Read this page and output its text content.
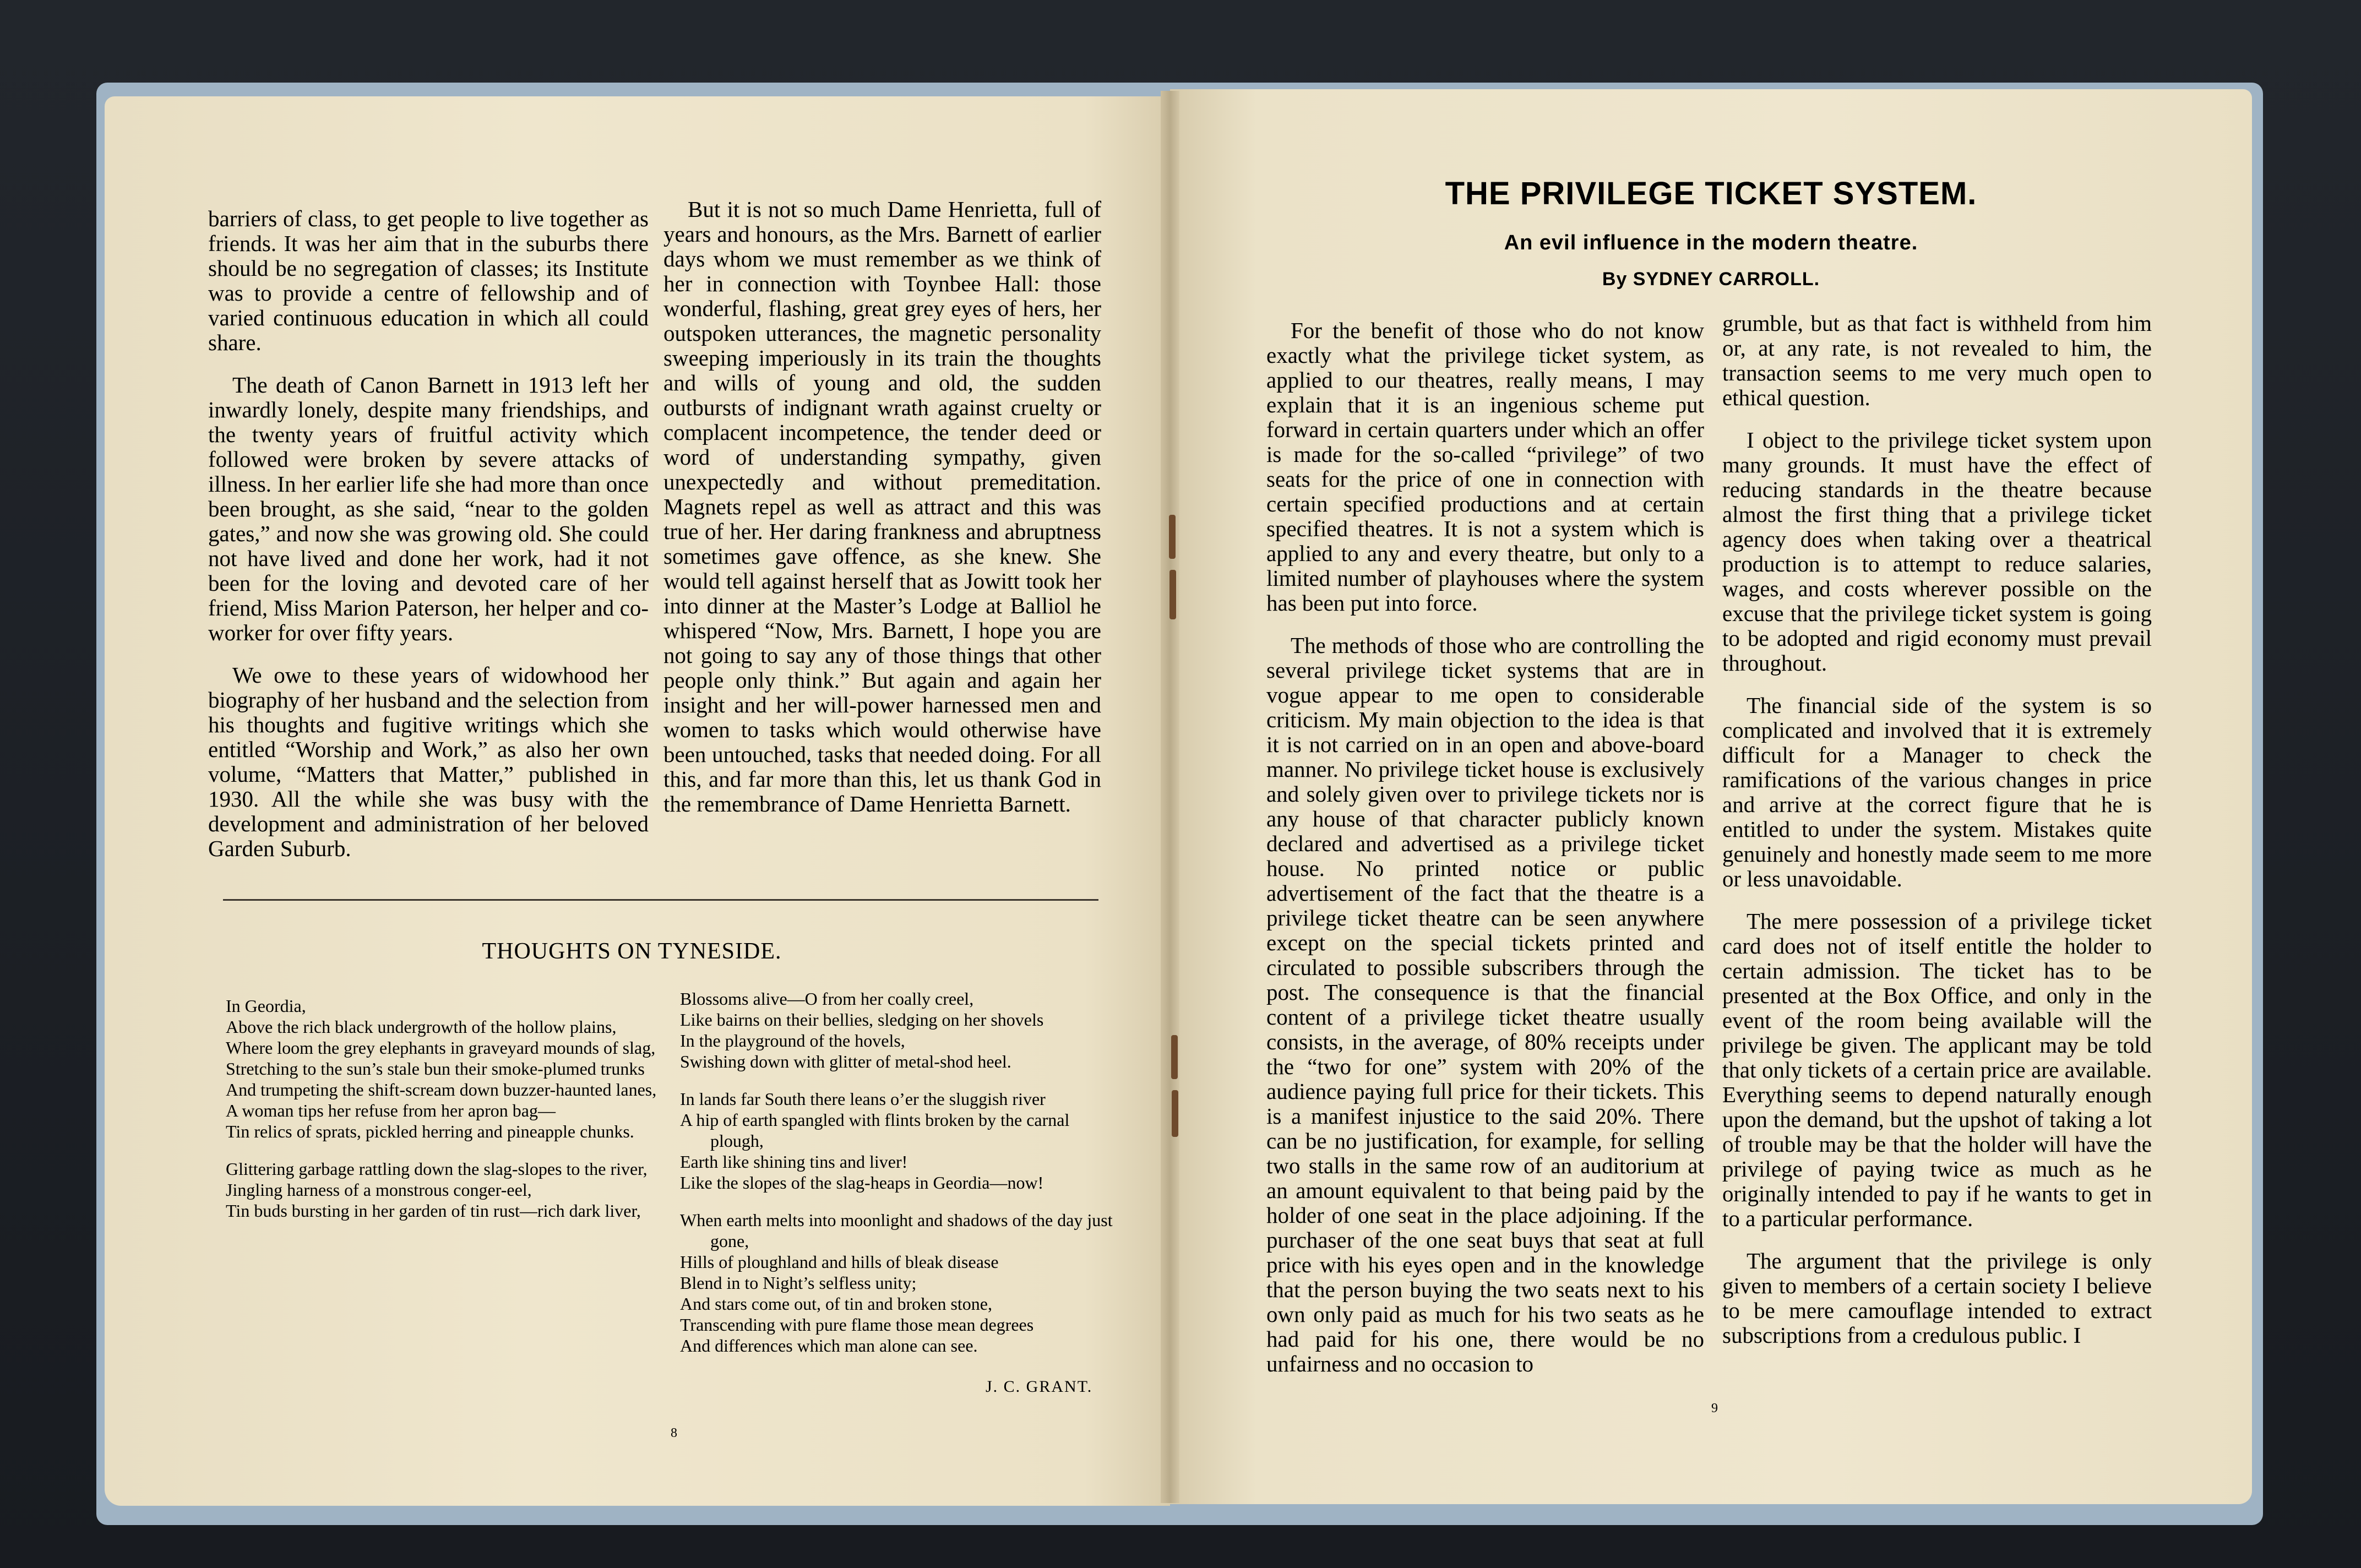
barriers of class, to get people to live together as friends. It was her aim that in the suburbs there should be no segregation of classes; its Institute was to provide a centre of fellowship and of varied continuous education in which all could share.

The death of Canon Barnett in 1913 left her inwardly lonely, despite many friendships, and the twenty years of fruitful activity which followed were broken by severe attacks of illness. In her earlier life she had more than once been brought, as she said, “near to the golden gates,” and now she was growing old. She could not have lived and done her work, had it not been for the loving and devoted care of her friend, Miss Marion Paterson, her helper and co-worker for over fifty years.

We owe to these years of widowhood her biography of her husband and the selection from his thoughts and fugitive writings which she entitled “Worship and Work,” as also her own volume, “Matters that Matter,” published in 1930. All the while she was busy with the development and administration of her beloved Garden Suburb.

But it is not so much Dame Henrietta, full of years and honours, as the Mrs. Barnett of earlier days whom we must remember as we think of her in connection with Toynbee Hall: those wonderful, flashing, great grey eyes of hers, her outspoken utterances, the magnetic personality sweeping imperiously in its train the thoughts and wills of young and old, the sudden outbursts of indignant wrath against cruelty or complacent incompetence, the tender deed or word of understanding sympathy, given unexpectedly and without premeditation. Magnets repel as well as attract and this was true of her. Her daring frankness and abruptness sometimes gave offence, as she knew. She would tell against herself that as Jowitt took her into dinner at the Master’s Lodge at Balliol he whispered “Now, Mrs. Barnett, I hope you are not going to say any of those things that other people only think.” But again and again her insight and her will-power harnessed men and women to tasks which would otherwise have been untouched, tasks that needed doing. For all this, and far more than this, let us thank God in the remembrance of Dame Henrietta Barnett.

THOUGHTS ON TYNESIDE.

In Geordia,

Above the rich black undergrowth of the hollow plains,

Where loom the grey elephants in graveyard mounds of slag,

Stretching to the sun’s stale bun their smoke-plumed trunks

And trumpeting the shift-scream down buzzer-haunted lanes,

A woman tips her refuse from her apron bag—

Tin relics of sprats, pickled herring and pineapple chunks.

Glittering garbage rattling down the slag-slopes to the river,

Jingling harness of a monstrous conger-eel,

Tin buds bursting in her garden of tin rust—rich dark liver,

Blossoms alive—O from her coally creel,

Like bairns on their bellies, sledging on her shovels

In the playground of the hovels,

Swishing down with glitter of metal-shod heel.

In lands far South there leans o’er the sluggish river

A hip of earth spangled with flints broken by the carnal plough,

Earth like shining tins and liver!

Like the slopes of the slag-heaps in Geordia—now!

When earth melts into moonlight and shadows of the day just gone,

Hills of ploughland and hills of bleak disease

Blend in to Night’s selfless unity;

And stars come out, of tin and broken stone,

Transcending with pure flame those mean degrees

And differences which man alone can see.

J. C. GRANT.
8
THE PRIVILEGE TICKET SYSTEM.
An evil influence in the modern theatre.
By SYDNEY CARROLL.

For the benefit of those who do not know exactly what the privilege ticket system, as applied to our theatres, really means, I may explain that it is an ingenious scheme put forward in certain quarters under which an offer is made for the so-called “privilege” of two seats for the price of one in connection with certain specified productions and at certain specified theatres. It is not a system which is applied to any and every theatre, but only to a limited number of playhouses where the system has been put into force.

The methods of those who are controlling the several privilege ticket systems that are in vogue appear to me open to considerable criticism. My main objection to the idea is that it is not carried on in an open and above-board manner. No privilege ticket house is exclusively and solely given over to privilege tickets nor is any house of that character publicly known declared and advertised as a privilege ticket house. No printed notice or public advertisement of the fact that the theatre is a privilege ticket theatre can be seen anywhere except on the special tickets printed and circulated to possible subscribers through the post. The consequence is that the financial content of a privilege ticket theatre usually consists, in the average, of 80% receipts under the “two for one” system with 20% of the audience paying full price for their tickets. This is a manifest injustice to the said 20%. There can be no justification, for example, for selling two stalls in the same row of an auditorium at an amount equivalent to that being paid by the holder of one seat in the place adjoining. If the purchaser of the one seat buys that seat at full price with his eyes open and in the knowledge that the person buying the two seats next to his own only paid as much for his two seats as he had paid for his one, there would be no unfairness and no occasion to

grumble, but as that fact is withheld from him or, at any rate, is not revealed to him, the transaction seems to me very much open to ethical question.

I object to the privilege ticket system upon many grounds. It must have the effect of reducing standards in the theatre because almost the first thing that a privilege ticket agency does when taking over a theatrical production is to attempt to reduce salaries, wages, and costs wherever possible on the excuse that the privilege ticket system is going to be adopted and rigid economy must prevail throughout.

The financial side of the system is so complicated and involved that it is extremely difficult for a Manager to check the ramifications of the various changes in price and arrive at the correct figure that he is entitled to under the system. Mistakes quite genuinely and honestly made seem to me more or less unavoidable.

The mere possession of a privilege ticket card does not of itself entitle the holder to certain admission. The ticket has to be presented at the Box Office, and only in the event of the room being available will the privilege be given. The applicant may be told that only tickets of a certain price are available. Everything seems to depend naturally enough upon the demand, but the upshot of taking a lot of trouble may be that the holder will have the privilege of paying twice as much as he originally intended to pay if he wants to get in to a particular performance.

The argument that the privilege is only given to members of a certain society I believe to be mere camouflage intended to extract subscriptions from a credulous public. I

9
